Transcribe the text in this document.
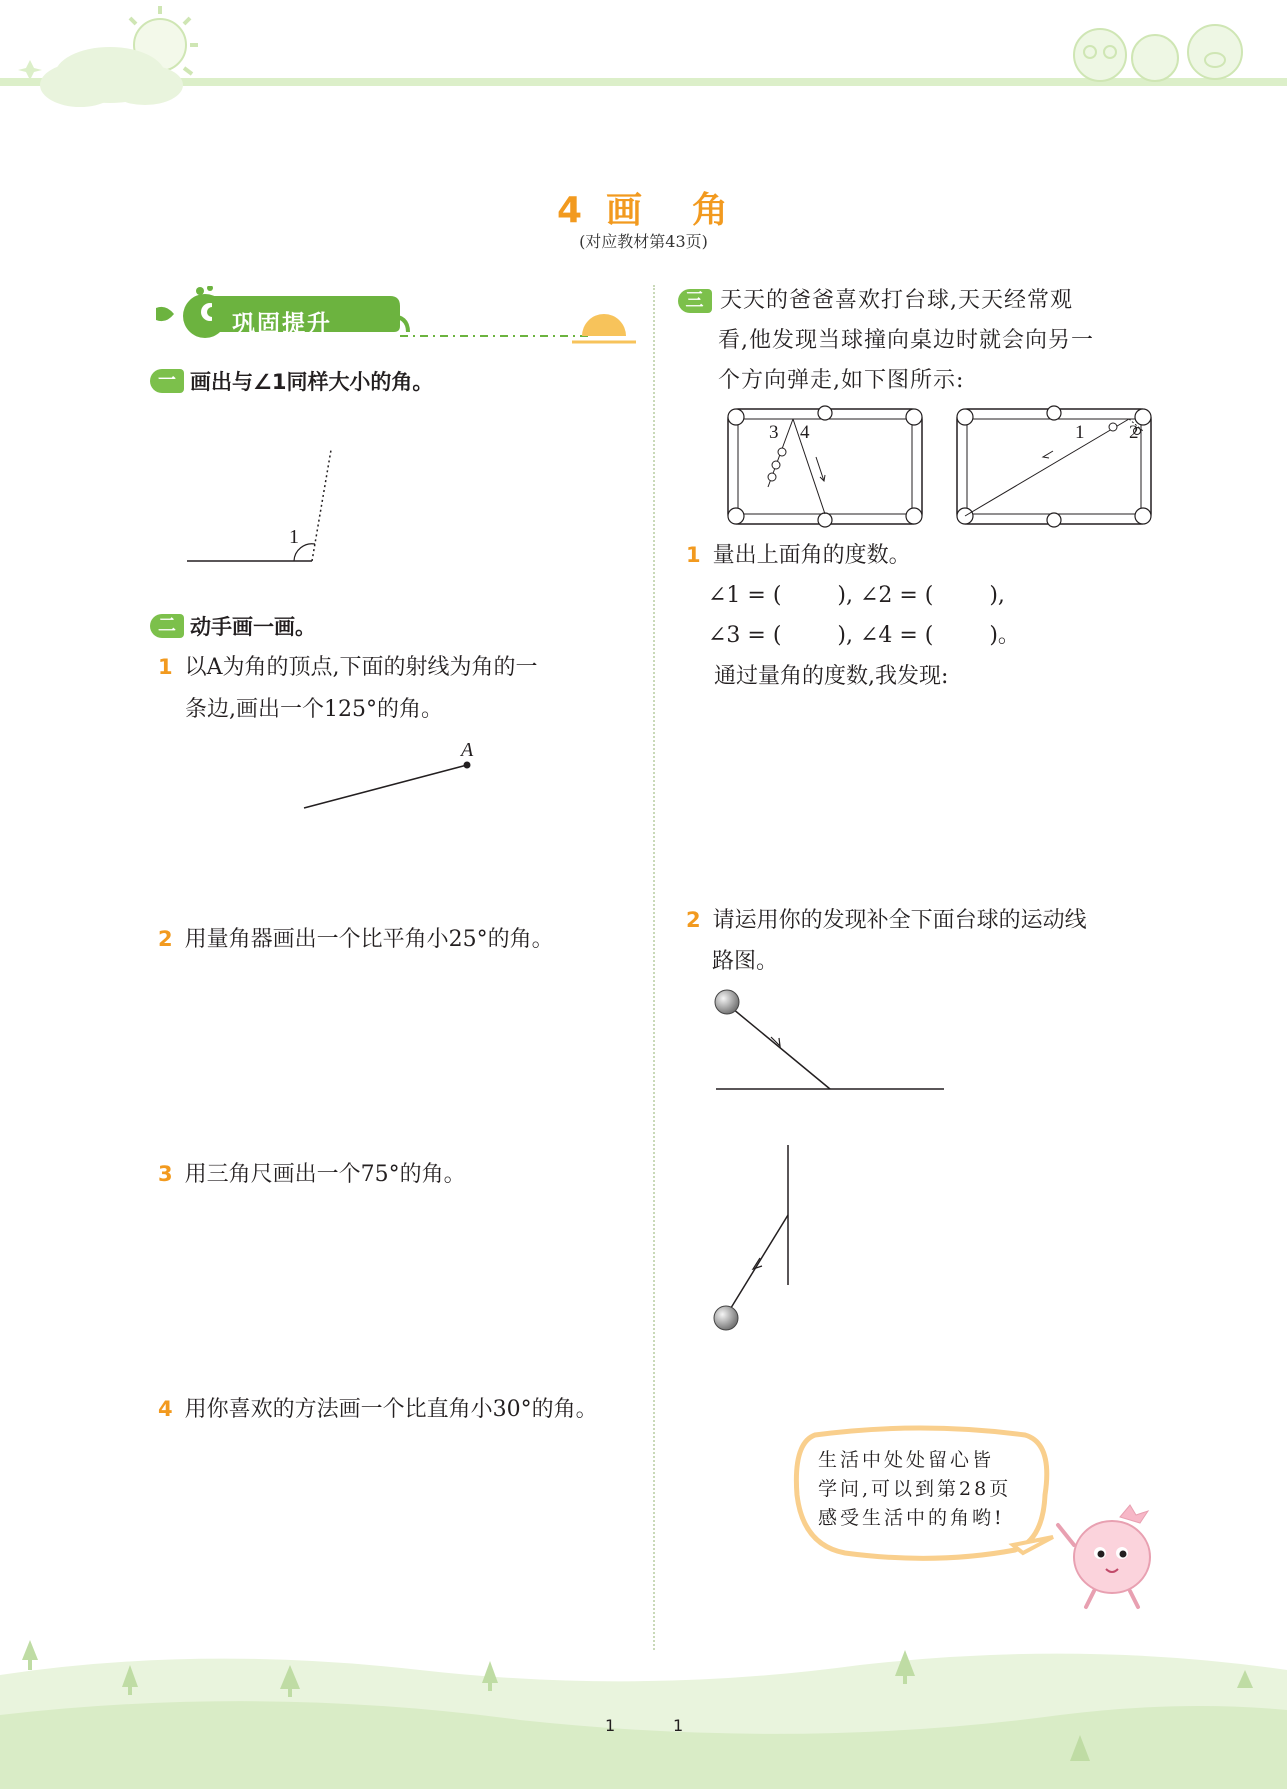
4 画 角
(对应教材第43页)
巩固提升
一 画出与∠1同样大小的角。
1
二 动手画一画。
1 以A为角的顶点,下面的射线为角的一
条边,画出一个125°的角。
A
2 用量角器画出一个比平角小25°的角。
3 用三角尺画出一个75°的角。
4 用你喜欢的方法画一个比直角小30°的角。
三 天天的爸爸喜欢打台球,天天经常观
看,他发现当球撞向桌边时就会向另一
个方向弹走,如下图所示:
3 4	1 2
1 量出上面角的度数。
∠1 = (        ), ∠2 = (        ),
∠3 = (        ), ∠4 = (        )。
通过量角的度数,我发现:
2 请运用你的发现补全下面台球的运动线
路图。
生活中处处留心皆
学问,可以到第28页
感受生活中的角哟!
1	1
